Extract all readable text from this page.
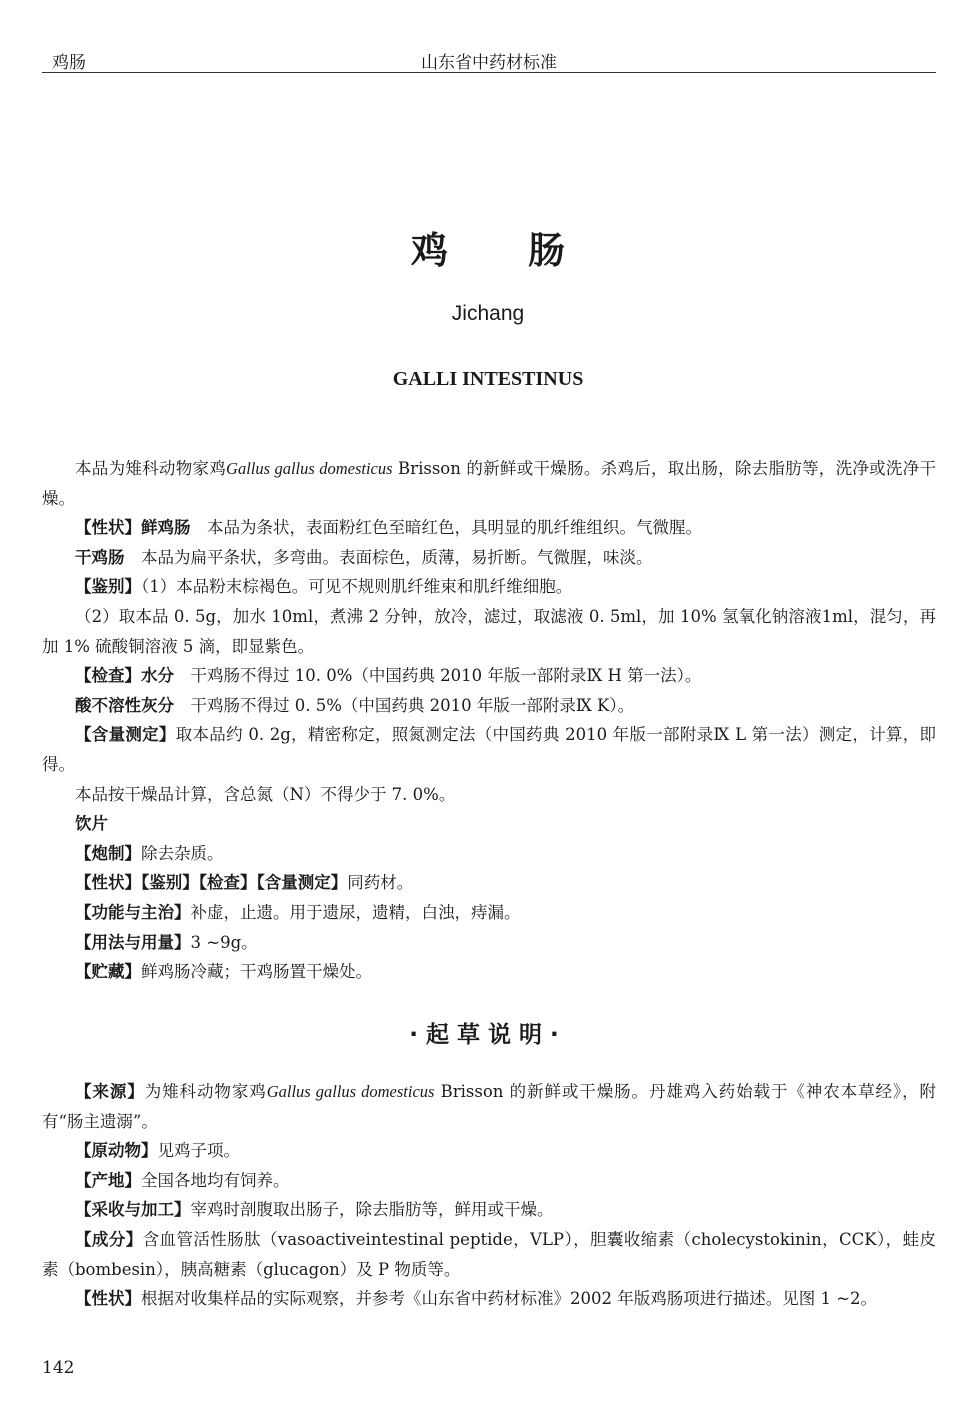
鸡肠	山东省中药材标准
鸡肠
Jichang
GALLI INTESTINUS

本品为雉科动物家鸡Gallus gallus domesticus Brisson 的新鲜或干燥肠。杀鸡后，取出肠，除去脂肪等，洗净或洗净干燥。

【性状】鲜鸡肠　本品为条状，表面粉红色至暗红色，具明显的肌纤维组织。气微腥。

干鸡肠　本品为扁平条状，多弯曲。表面棕色，质薄，易折断。气微腥，味淡。

【鉴别】（1）本品粉末棕褐色。可见不规则肌纤维束和肌纤维细胞。

（2）取本品 0. 5g，加水 10ml，煮沸 2 分钟，放冷，滤过，取滤液 0. 5ml，加 10% 氢氧化钠溶液1ml，混匀，再加 1% 硫酸铜溶液 5 滴，即显紫色。

【检查】水分　干鸡肠不得过 10. 0%（中国药典 2010 年版一部附录Ⅸ H 第一法）。

酸不溶性灰分　干鸡肠不得过 0. 5%（中国药典 2010 年版一部附录Ⅸ K）。

【含量测定】取本品约 0. 2g，精密称定，照氮测定法（中国药典 2010 年版一部附录Ⅸ L 第一法）测定，计算，即得。

本品按干燥品计算，含总氮（N）不得少于 7. 0%。

饮片

【炮制】除去杂质。

【性状】【鉴别】【检查】【含量测定】同药材。

【功能与主治】补虚，止遗。用于遗尿，遗精，白浊，痔漏。

【用法与用量】3 ~9g。

【贮藏】鲜鸡肠冷藏；干鸡肠置干燥处。

·起草说明·

【来源】为雉科动物家鸡Gallus gallus domesticus Brisson 的新鲜或干燥肠。丹雄鸡入药始载于《神农本草经》，附有“肠主遗溺”。

【原动物】见鸡子项。

【产地】全国各地均有饲养。

【采收与加工】宰鸡时剖腹取出肠子，除去脂肪等，鲜用或干燥。

【成分】含血管活性肠肽（vasoactiveintestinal peptide，VLP），胆囊收缩素（cholecystokinin，CCK），蛙皮素（bombesin），胰高糖素（glucagon）及 P 物质等。

【性状】根据对收集样品的实际观察，并参考《山东省中药材标准》2002 年版鸡肠项进行描述。见图 1 ~2。

142
